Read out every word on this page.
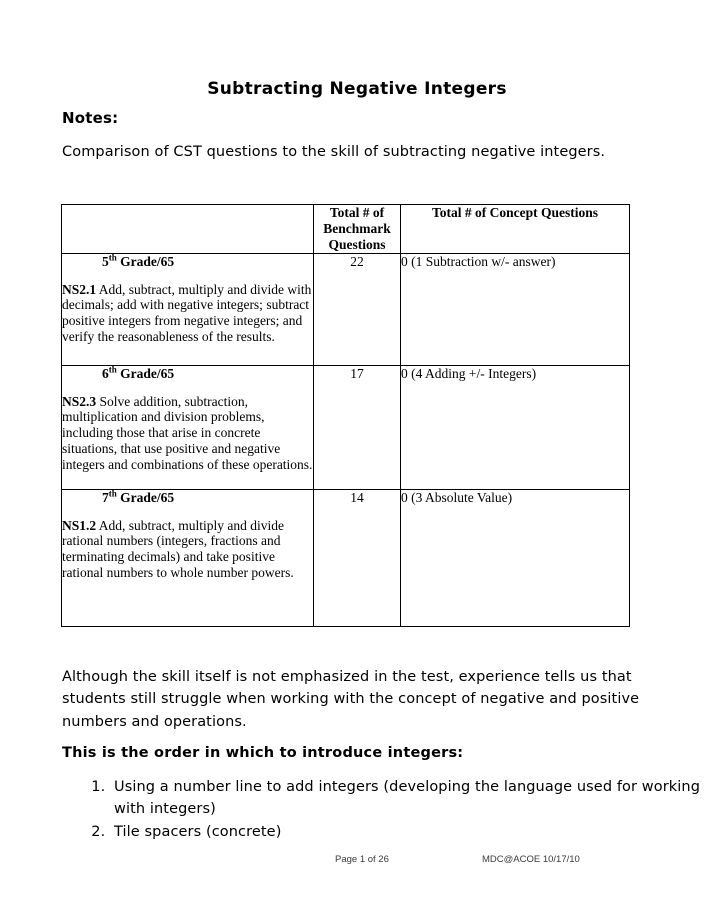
Subtracting Negative Integers
Notes:
Comparison of CST questions to the skill of subtracting negative integers.
	Total # of
Benchmark
Questions	Total # of Concept Questions

5th Grade/65
NS2.1 Add, subtract, multiply and divide with decimals; add with negative integers; subtract positive integers from negative integers; and verify the reasonableness of the results.	22	0 (1 Subtraction w/- answer)

6th Grade/65
NS2.3 Solve addition, subtraction, multiplication and division problems, including those that arise in concrete situations, that use positive and negative integers and combinations of these operations.	17	0 (4 Adding +/- Integers)

7th Grade/65
NS1.2 Add, subtract, multiply and divide rational numbers (integers, fractions and terminating decimals) and take positive rational numbers to whole number powers.	14	0 (3 Absolute Value)
Although the skill itself is not emphasized in the test, experience tells us that students still struggle when working with the concept of negative and positive numbers and operations.
This is the order in which to introduce integers:
1. Using a number line to add integers (developing the language used for working with integers)
2. Tile spacers (concrete)
Page 1 of 26	MDC@ACOE 10/17/10
